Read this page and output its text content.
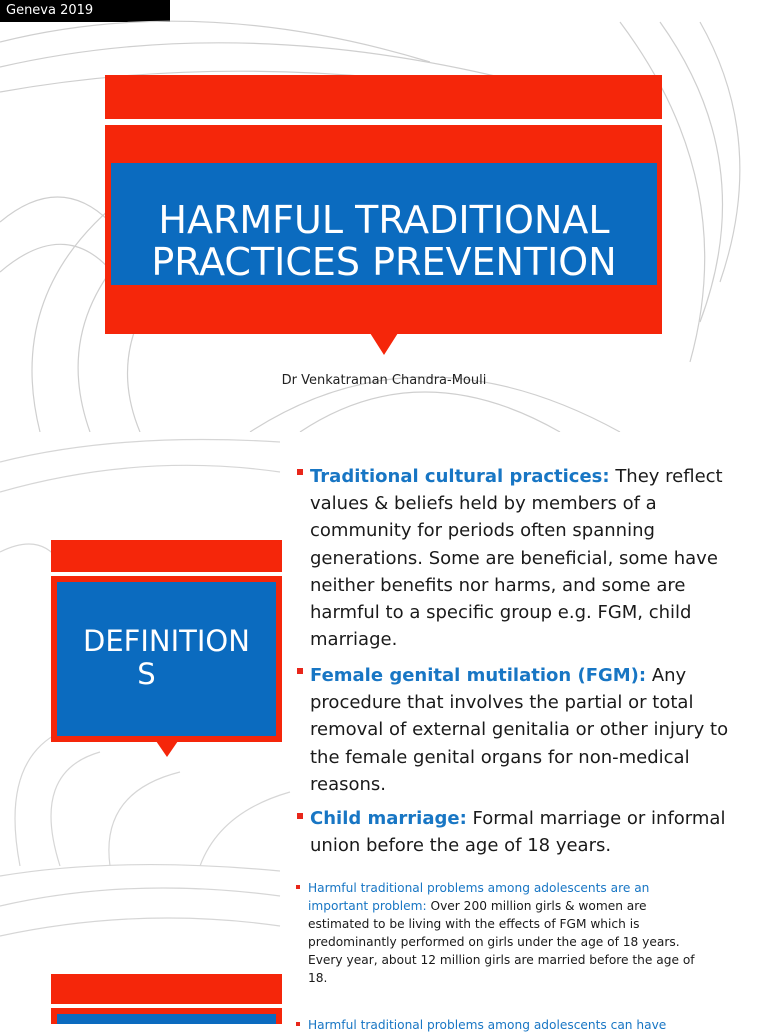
Geneva 2019
HARMFUL TRADITIONAL
PRACTICES PREVENTION
Dr Venkatraman Chandra-Mouli
DEFINITION
S
Traditional cultural practices: They reflect values & beliefs held by members of a community for periods often spanning generations. Some are beneficial, some have neither benefits nor harms, and some are harmful to a specific group e.g. FGM, child marriage.
Female genital mutilation (FGM): Any procedure that involves the partial or total removal of external genitalia or other injury to the female genital organs for non-medical reasons.
Child marriage: Formal marriage or informal union before the age of 18 years.
Harmful traditional problems among adolescents are an important problem: Over 200 million girls & women are estimated to be living with the effects of FGM which is predominantly performed on girls under the age of 18 years. Every year, about 12 million girls are married before the age of 18.
Harmful traditional problems among adolescents can have
